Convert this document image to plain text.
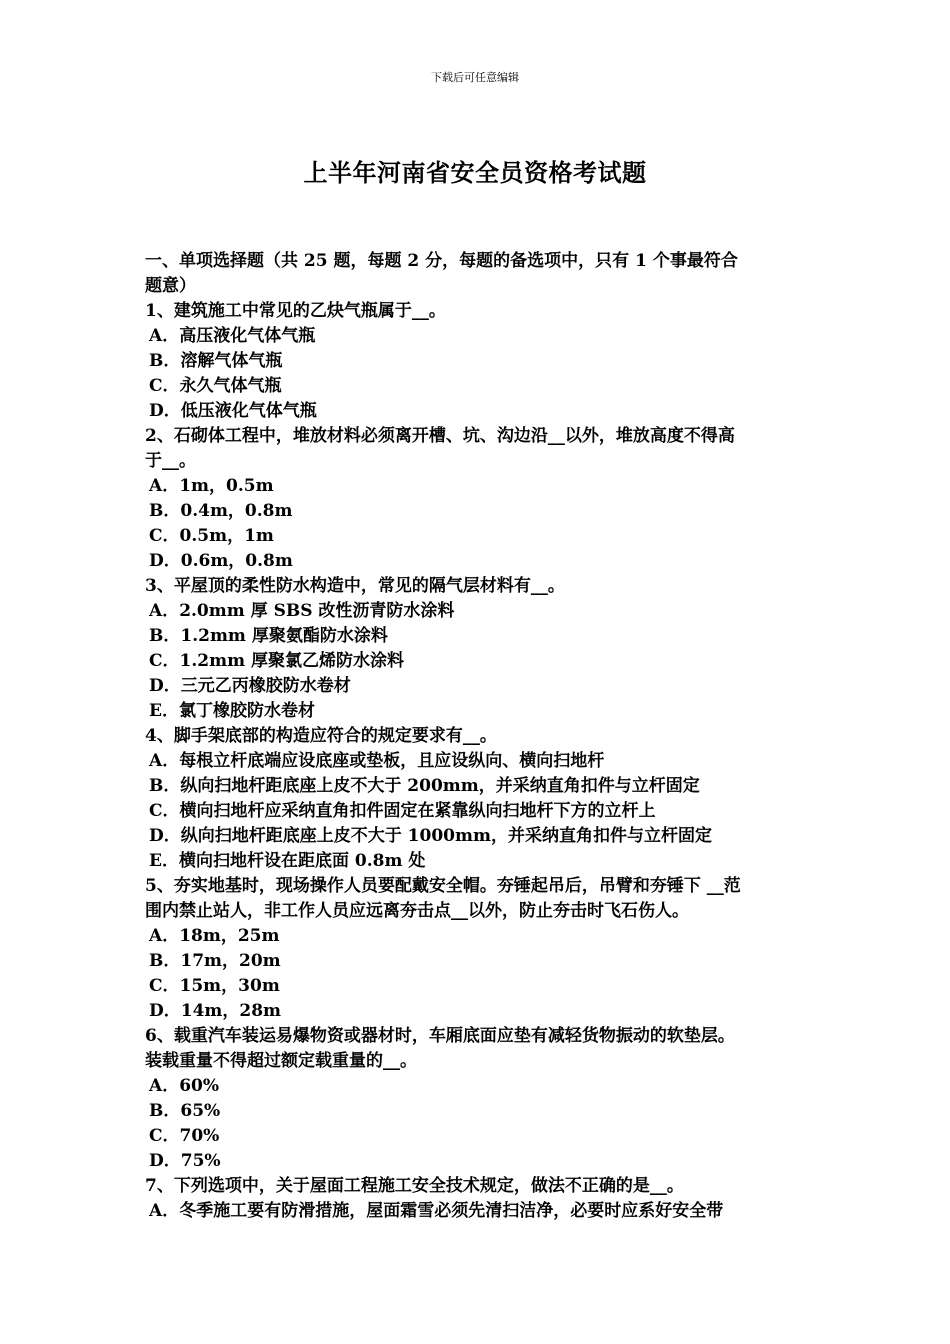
下载后可任意编辑
上半年河南省安全员资格考试题
一、单项选择题（共 25 题，每题 2 分，每题的备选项中，只有 1 个事最符合
题意）
1、建筑施工中常见的乙炔气瓶属于__。
A．高压液化气体气瓶
B．溶解气体气瓶
C．永久气体气瓶
D．低压液化气体气瓶
2、石砌体工程中，堆放材料必须离开槽、坑、沟边沿__以外，堆放高度不得高
于__。
A．1m，0.5m
B．0.4m，0.8m
C．0.5m，1m
D．0.6m，0.8m
3、平屋顶的柔性防水构造中，常见的隔气层材料有__。
A．2.0mm 厚 SBS 改性沥青防水涂料
B．1.2mm 厚聚氨酯防水涂料
C．1.2mm 厚聚氯乙烯防水涂料
D．三元乙丙橡胶防水卷材
E．氯丁橡胶防水卷材
4、脚手架底部的构造应符合的规定要求有__。
A．每根立杆底端应设底座或垫板，且应设纵向、横向扫地杆
B．纵向扫地杆距底座上皮不大于 200mm，并采纳直角扣件与立杆固定
C．横向扫地杆应采纳直角扣件固定在紧靠纵向扫地杆下方的立杆上
D．纵向扫地杆距底座上皮不大于 1000mm，并采纳直角扣件与立杆固定
E．横向扫地杆设在距底面 0.8m 处
5、夯实地基时，现场操作人员要配戴安全帽。夯锤起吊后，吊臂和夯锤下 __范
围内禁止站人，非工作人员应远离夯击点__以外，防止夯击时飞石伤人。
A．18m，25m
B．17m，20m
C．15m，30m
D．14m，28m
6、载重汽车装运易爆物资或器材时，车厢底面应垫有减轻货物振动的软垫层。
装载重量不得超过额定载重量的__。
A．60%
B．65%
C．70%
D．75%
7、下列选项中，关于屋面工程施工安全技术规定，做法不正确的是__。
A．冬季施工要有防滑措施，屋面霜雪必须先清扫洁净，必要时应系好安全带
